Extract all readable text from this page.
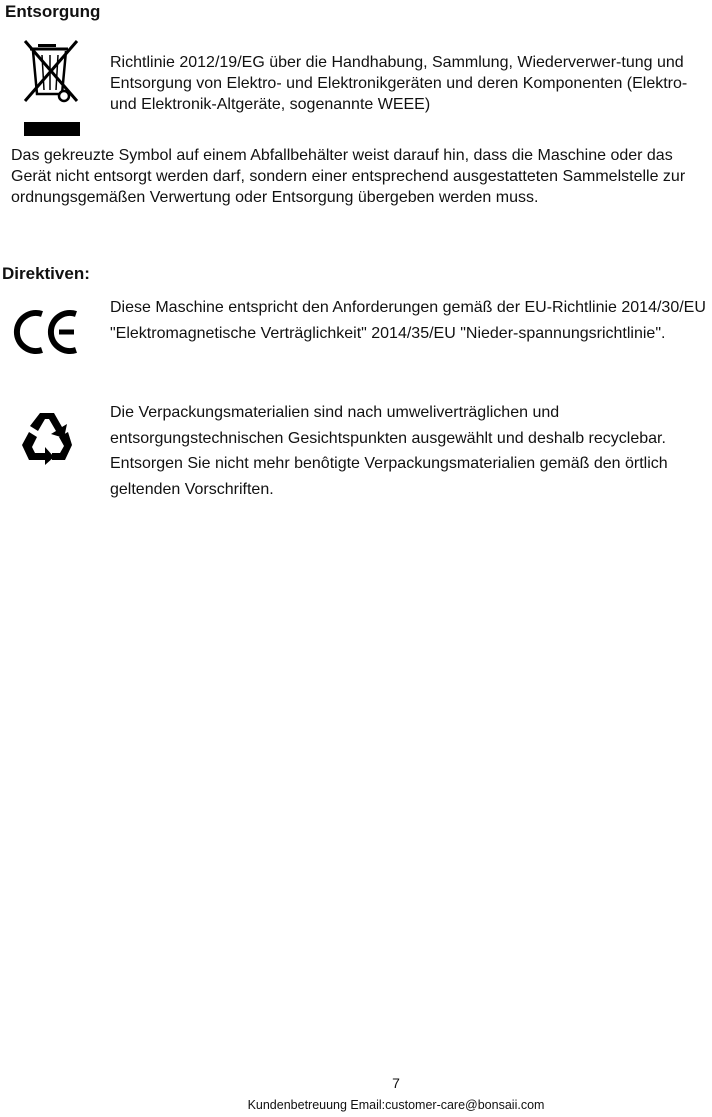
Entsorgung

Richtlinie 2012/19/EG über die Handhabung, Sammlung, Wiederverwer-tung und Entsorgung von Elektro- und Elektronikgeräten und deren Komponenten (Elektro- und Elektronik-Altgeräte, sogenannte WEEE)

Das gekreuzte Symbol auf einem Abfallbehälter weist darauf hin, dass die Maschine oder das Gerät nicht entsorgt werden darf, sondern einer entsprechend ausgestatteten Sammelstelle zur ordnungsgemäßen Verwertung oder Entsorgung übergeben werden muss.

Direktiven:

Diese Maschine entspricht den Anforderungen gemäß der EU-Richtlinie 2014/30/EU "Elektromagnetische Verträglichkeit" 2014/35/EU "Nieder-spannungsrichtlinie".

Die Verpackungsmaterialien sind nach umweliverträglichen und entsorgungstechnischen Gesichtspunkten ausgewählt und deshalb recyclebar. Entsorgen Sie nicht mehr benôtigte Verpackungsmaterialien gemäß den örtlich geltenden Vorschriften.

7
Kundenbetreuung Email:customer-care@bonsaii.com
